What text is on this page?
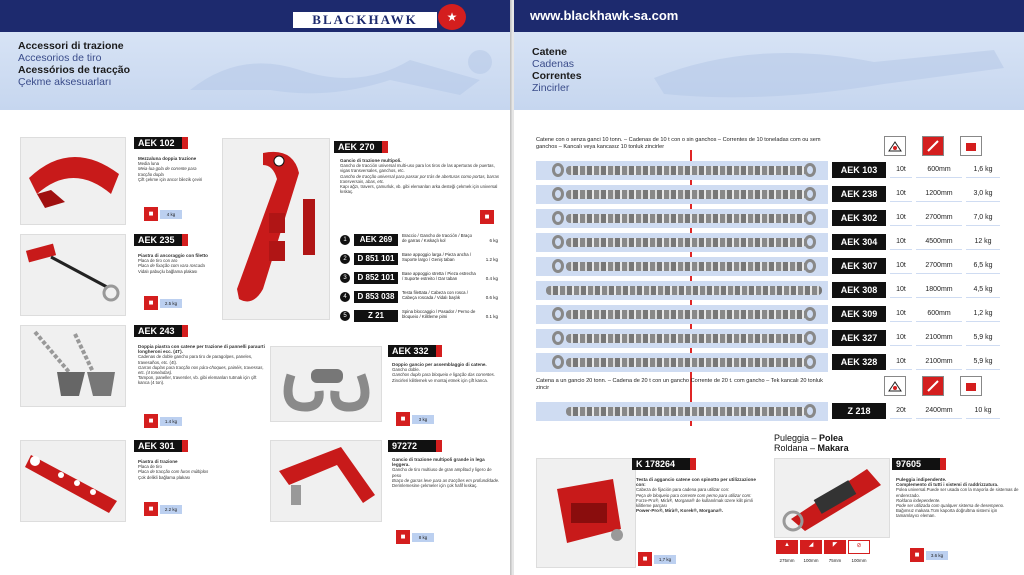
BLACKHAWK	★
Accessori di trazione
Accesorios de tiro
Acessórios de tracção
Çekme aksesuarları
AEK 102
Mezzaluna doppia trazione
Media luna
Meia-lua gola de corrente para tracção dupla
Çift çekme için ancor bilezik çeviri
■	4 kg
AEK 235
Piastra di ancoraggio con filetto
Placa de tiro con aro
Placa de fixação com vara roscada
Vidalı pabuçlu bağlama plakası
■	2.5 kg
AEK 243
Doppia piastra con catene per trazione di pannelli paraurti longheroni ecc. (4T).
Cadenas de doble gancho para tiro de paragolpes, paneles, travesaños, etc. (4t).
Garras duplas para tracção nos pára-choques, painéis, travessas, etc. (4 toneladas).
Tampon, paneller, traversler, vb. gibi elemanları tutmak için çift kanca (4 ton).
■	1.4 kg
AEK 301
Piastra di trazione
Placa de tiro
Placa de tracção com furos múltiplos
Çok delikli bağlama plakası
■	2.2 kg
AEK 270
Gancio di trazione multipoli.
Gancho de tracción universal multi-uso para los tiros de las aperturas de puertas, vigas transversales, ganchos, etc.
Gancho de tracção universal para passar por trás de aberturas como portas, barras transversais, abas, etc.
Kapı ağzı, travers, çamurluk, vb. gibi elemanları arka desteği çekmek için universal kıskaç.
■
1	AEK 269	Braccio / Gancho de tracción / Braço de garras / Kıskaçlı kol	6 kg
2	D 851 101	Base appoggio larga / Pieza ancha / Suporte largo / Geniş taban	1.2 kg
3	D 852 101	Base appoggio stretta / Pieza estrecha / Suporte estreito / Dar taban	0.4 kg
4	D 853 038	Testa filettata / Cabeza con rosca / Cabeça roscada / Vidalı başlık	0.6 kg
5	Z 21	Spina bloccaggio / Pasador / Perno de bloqueio / Kilitleme pimi	0.1 kg
AEK 332
Doppio gancio per assemblaggio di catene.
Gancho doble.
Ganchos duplo para bloqueio e ligação das correntes.
Zincirleri kilitlemek ve montaj etmek için çift kanca.
■	3 kg
97272
Gancio di trazione multipoli grande in lega leggera.
Gancho de tiro multiuso de gran amplitud y ligero de peso
Braço de garras leve para as tracções em profundidade.
Derinlemesine çekmeler için çok hafif kıskaç.
■	8 kg
www.blackhawk-sa.com
Catene
Cadenas
Correntes
Zincirler
Catene con o senza ganci 10 tonn. – Cadenas de 10 t con o sin ganchos – Correntes de 10 toneladas com ou sem ganchos – Kancalı veya kancasız 10 tonluk zincirler
AEK 103	10t	600mm	1,6 kg
AEK 238	10t	1200mm	3,0 kg
AEK 302	10t	2700mm	7,0 kg
AEK 304	10t	4500mm	12 kg
AEK 307	10t	2700mm	6,5 kg
AEK 308	10t	1800mm	4,5 kg
AEK 309	10t	600mm	1,2 kg
AEK 327	10t	2100mm	5,9 kg
AEK 328	10t	2100mm	5,9 kg
Catena a un gancio 20 tonn. – Cadena de 20 t con un gancho Corrente de 20 t. com gancho – Tek kancalı 20 tonluk zincir
Z 218	20t	2400mm	10 kg
K 178264
Testa di aggancio catene con spinotto per utilizzazione con:
Cabeza de fijación para cadena para utilizar con:
Peça de bloqueio para corrente com perno para utilizar com:
Forze-Pro®, Mirà®, Morgana® de kullanılmak üzere kilit pimli kilitleme parçası
Power-Pro®, Mirà®, Korek®, Morgana®.
■	1,7 kg
Puleggia – Polea
Roldana – Makara
97605
Puleggia indipendente.
Complemento di tutti i sistemi di raddrizzatura.
Polea universal.Puede ser usada con la mayoría de sistemas de enderezado.
Roldana independente.
Pode ser utilizada com qualquer sistema de desempeno.
Bağımsız makara.Tüm kaporta doğrultma sistemi için tamamlayıcı eleman.
▲	◢	◤	⊘
275mm	100mm	75mm	100mm
■	3.6 kg
